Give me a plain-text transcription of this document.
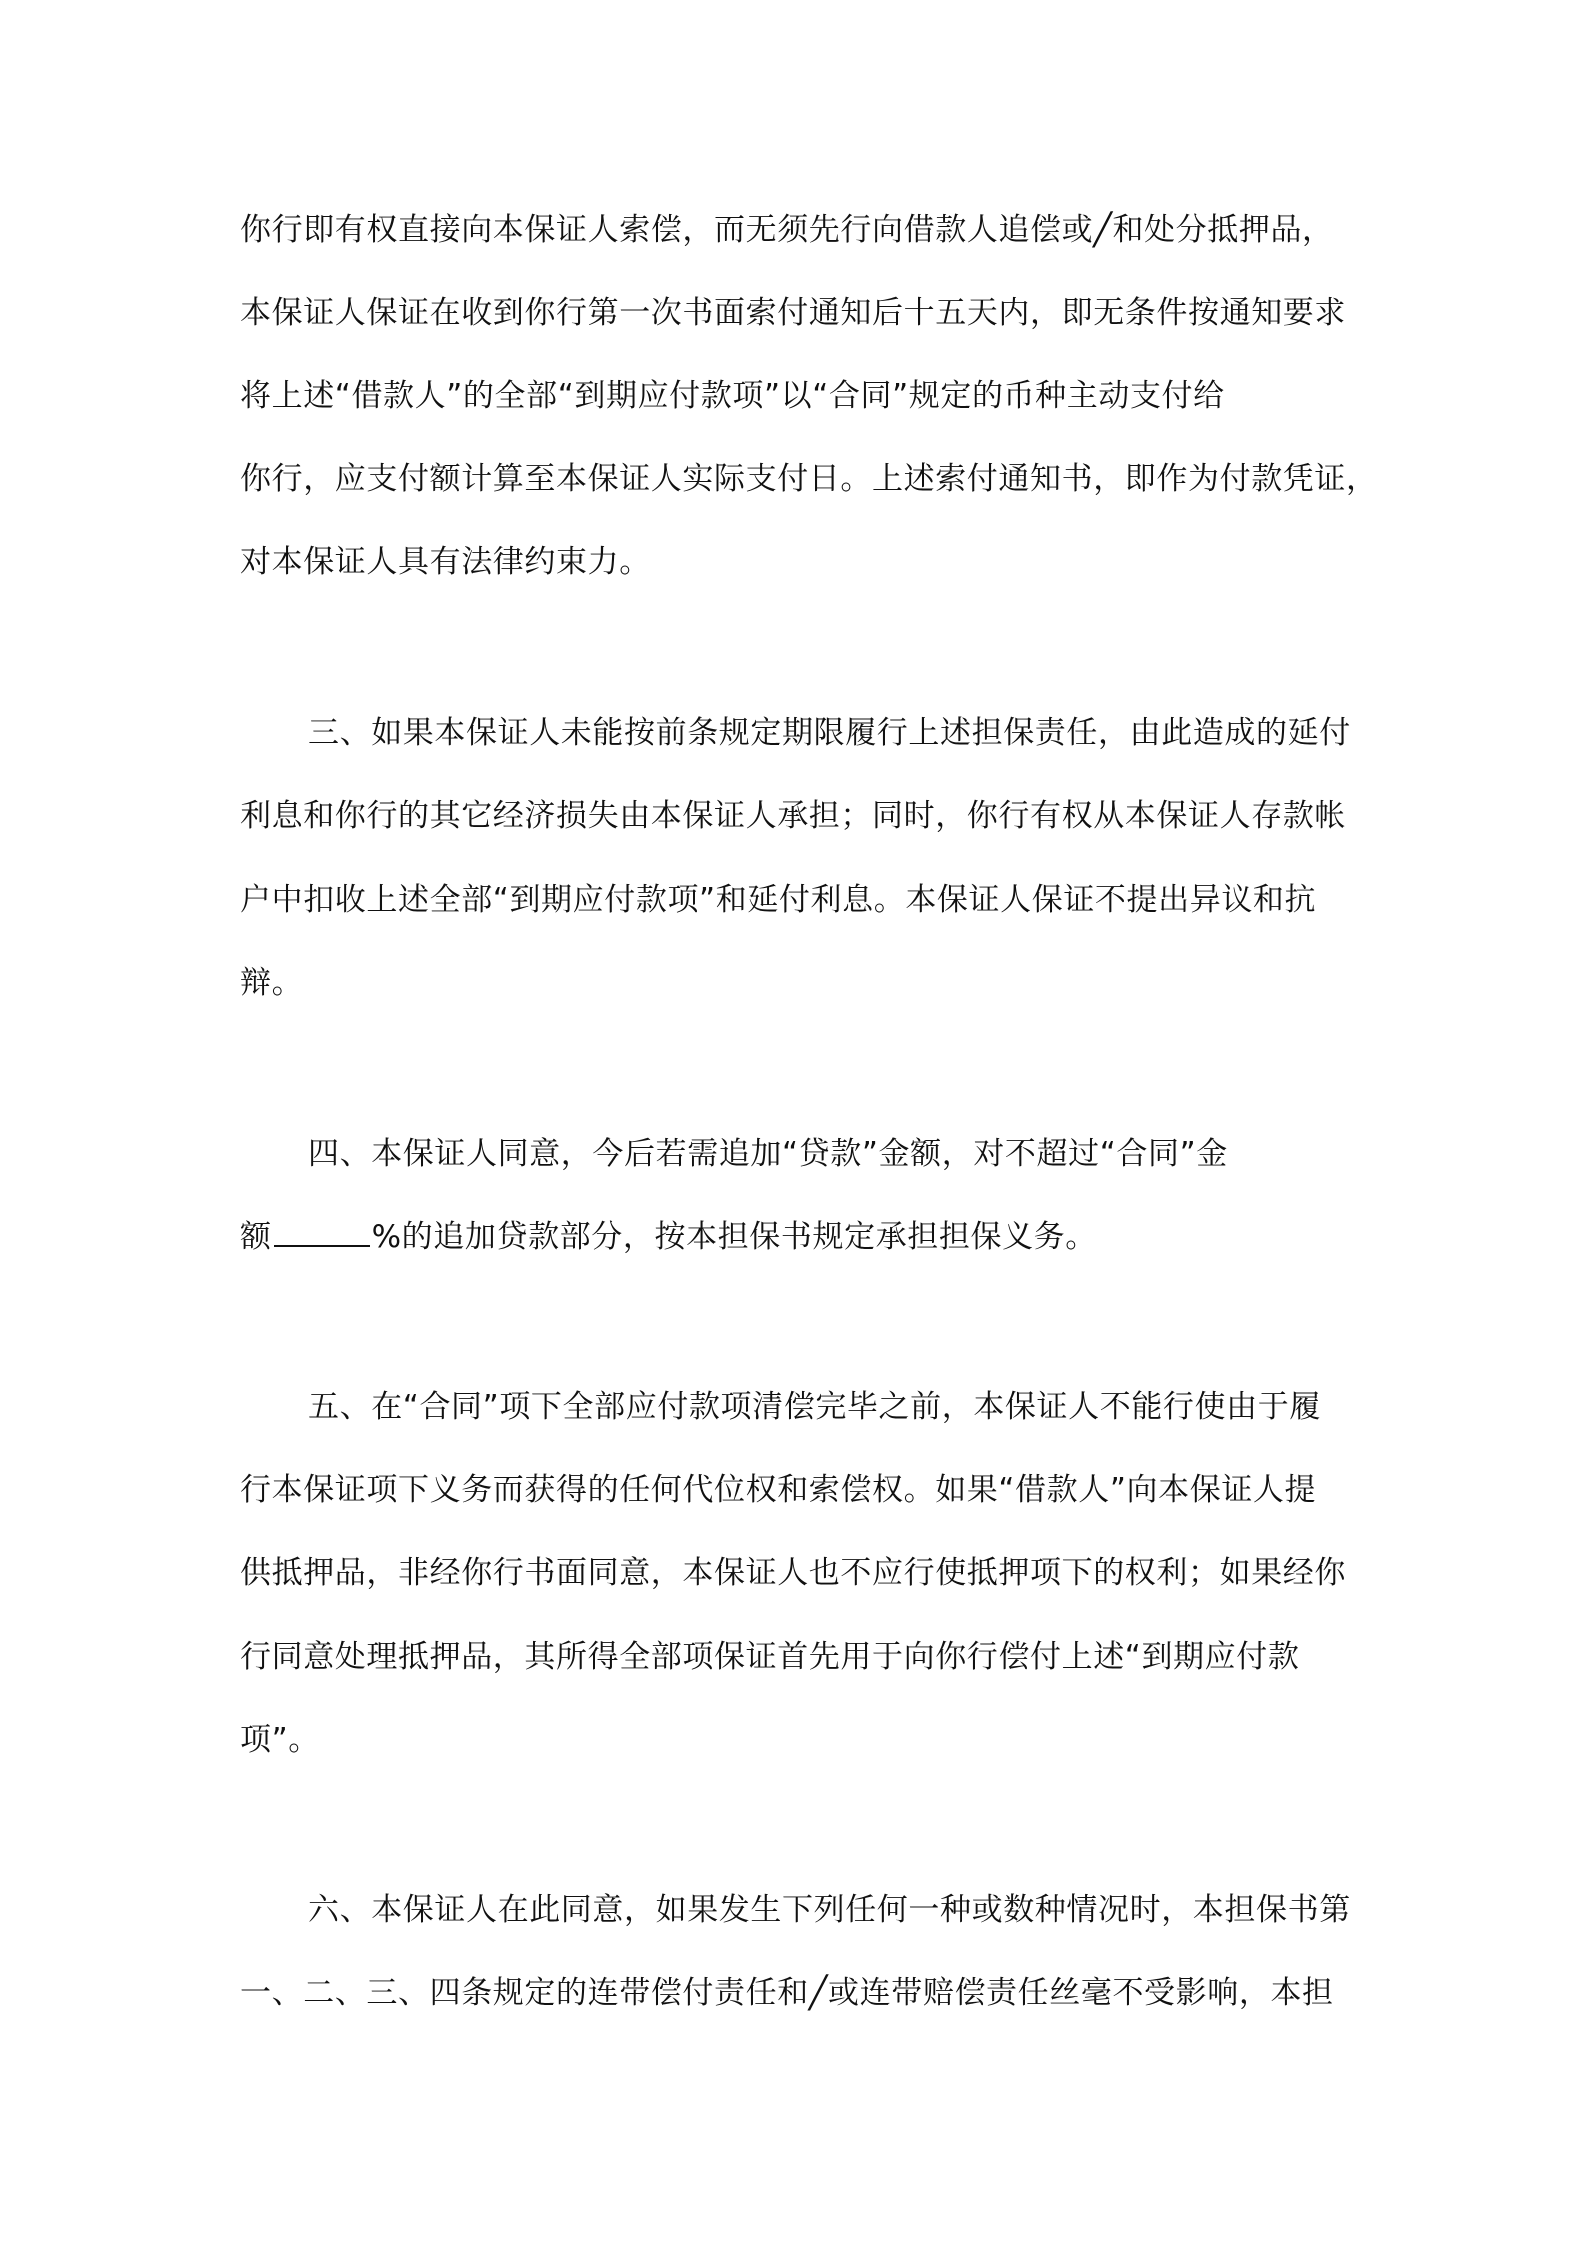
你行即有权直接向本保证人索偿，而无须先行向借款人追偿或╱和处分抵押品，
本保证人保证在收到你行第一次书面索付通知后十五天内，即无条件按通知要求
将上述“借款人”的全部“到期应付款项”以“合同”规定的币种主动支付给
你行，应支付额计算至本保证人实际支付日。上述索付通知书，即作为付款凭证，
对本保证人具有法律约束力。
三、如果本保证人未能按前条规定期限履行上述担保责任，由此造成的延付
利息和你行的其它经济损失由本保证人承担；同时，你行有权从本保证人存款帐
户中扣收上述全部“到期应付款项”和延付利息。本保证人保证不提出异议和抗
辩。
四、本保证人同意，今后若需追加“贷款”金额，对不超过“合同”金
额	%的追加贷款部分，按本担保书规定承担担保义务。
五、在“合同”项下全部应付款项清偿完毕之前，本保证人不能行使由于履
行本保证项下义务而获得的任何代位权和索偿权。如果“借款人”向本保证人提
供抵押品，非经你行书面同意，本保证人也不应行使抵押项下的权利；如果经你
行同意处理抵押品，其所得全部项保证首先用于向你行偿付上述“到期应付款
项”。
六、本保证人在此同意，如果发生下列任何一种或数种情况时，本担保书第
一、二、三、四条规定的连带偿付责任和╱或连带赔偿责任丝毫不受影响，本担
